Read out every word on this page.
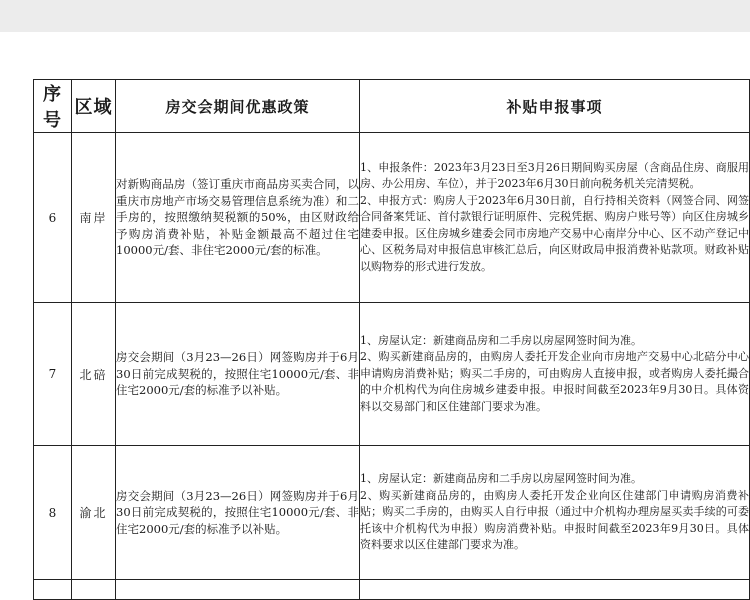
序号	区域	房交会期间优惠政策	补贴申报事项
6	南岸	对新购商品房（签订重庆市商品房买卖合同，以重庆市房地产市场交易管理信息系统为准）和二手房的，按照缴纳契税额的50%，由区财政给予购房消费补贴，补贴金额最高不超过住宅10000元/套、非住宅2000元/套的标准。	1、申报条件：2023年3月23日至3月26日期间购买房屋（含商品住房、商服用房、办公用房、车位），并于2023年6月30日前向税务机关完清契税。
2、申报方式：购房人于2023年6月30日前，自行持相关资料（网签合同、网签合同备案凭证、首付款银行证明原件、完税凭据、购房户账号等）向区住房城乡建委申报。区住房城乡建委会同市房地产交易中心南岸分中心、区不动产登记中心、区税务局对申报信息审核汇总后，向区财政局申报消费补贴款项。财政补贴以购物券的形式进行发放。

7	北碚	房交会期间（3月23—26日）网签购房并于6月30日前完成契税的，按照住宅10000元/套、非住宅2000元/套的标准予以补贴。	1、房屋认定：新建商品房和二手房以房屋网签时间为准。
2、购买新建商品房的，由购房人委托开发企业向市房地产交易中心北碚分中心申请购房消费补贴；购买二手房的，可由购房人直接申报，或者购房人委托撮合的中介机构代为向住房城乡建委申报。申报时间截至2023年9月30日。具体资料以交易部门和区住建部门要求为准。

8	渝北	房交会期间（3月23—26日）网签购房并于6月30日前完成契税的，按照住宅10000元/套、非住宅2000元/套的标准予以补贴。	1、房屋认定：新建商品房和二手房以房屋网签时间为准。
2、购买新建商品房的，由购房人委托开发企业向区住建部门申请购房消费补贴；购买二手房的，由购买人自行申报（通过中介机构办理房屋买卖手续的可委托该中介机构代为申报）购房消费补贴。申报时间截至2023年9月30日。具体资料要求以区住建部门要求为准。
